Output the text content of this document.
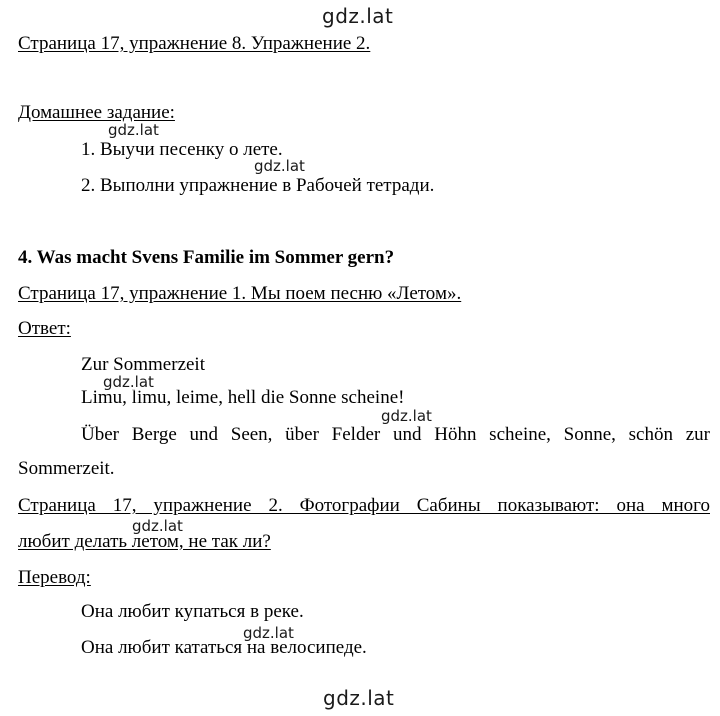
gdz.lat
Страница 17, упражнение 8. Упражнение 2.
Домашнее задание:
1. Выучи песенку о лете.
2. Выполни упражнение в Рабочей тетради.
4. Was macht Svens Familie im Sommer gern?
Страница 17, упражнение 1. Мы поем песню «Летом».
Ответ:
Zur Sommerzeit
Limu, limu, leime, hell die Sonne scheine!
Über Berge und Seen, über Felder und Höhn scheine, Sonne, schön zur
Sommerzeit.
Страница 17, упражнение 2. Фотографии Сабины показывают: она много
любит делать летом, не так ли?
Перевод:
Она любит купаться в реке.
Она любит кататься на велосипеде.
gdz.lat
gdz.lat
gdz.lat
gdz.lat
gdz.lat
gdz.lat
gdz.lat
